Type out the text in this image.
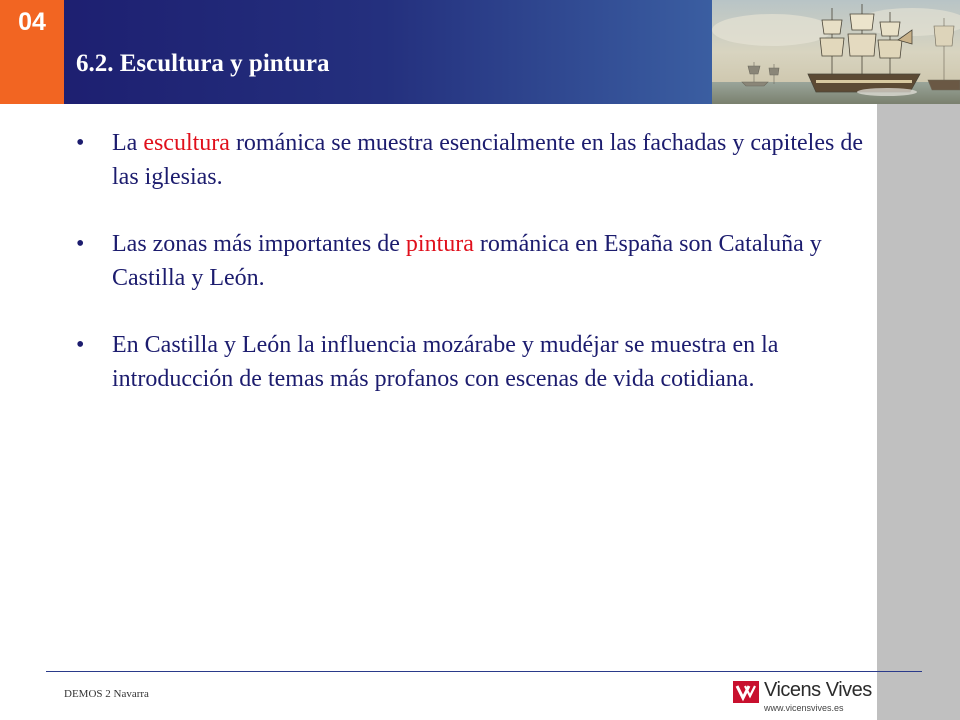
04
6.2. Escultura y pintura
• La escultura románica se muestra esencialmente en las fachadas y capiteles de las iglesias.
• Las zonas más importantes de pintura románica en España son Cataluña y Castilla y León.
• En Castilla y León la influencia mozárabe y mudéjar se muestra en la introducción de temas más profanos con escenas de vida cotidiana.
DEMOS 2 Navarra	Vicens Vives
www.vicensvives.es
